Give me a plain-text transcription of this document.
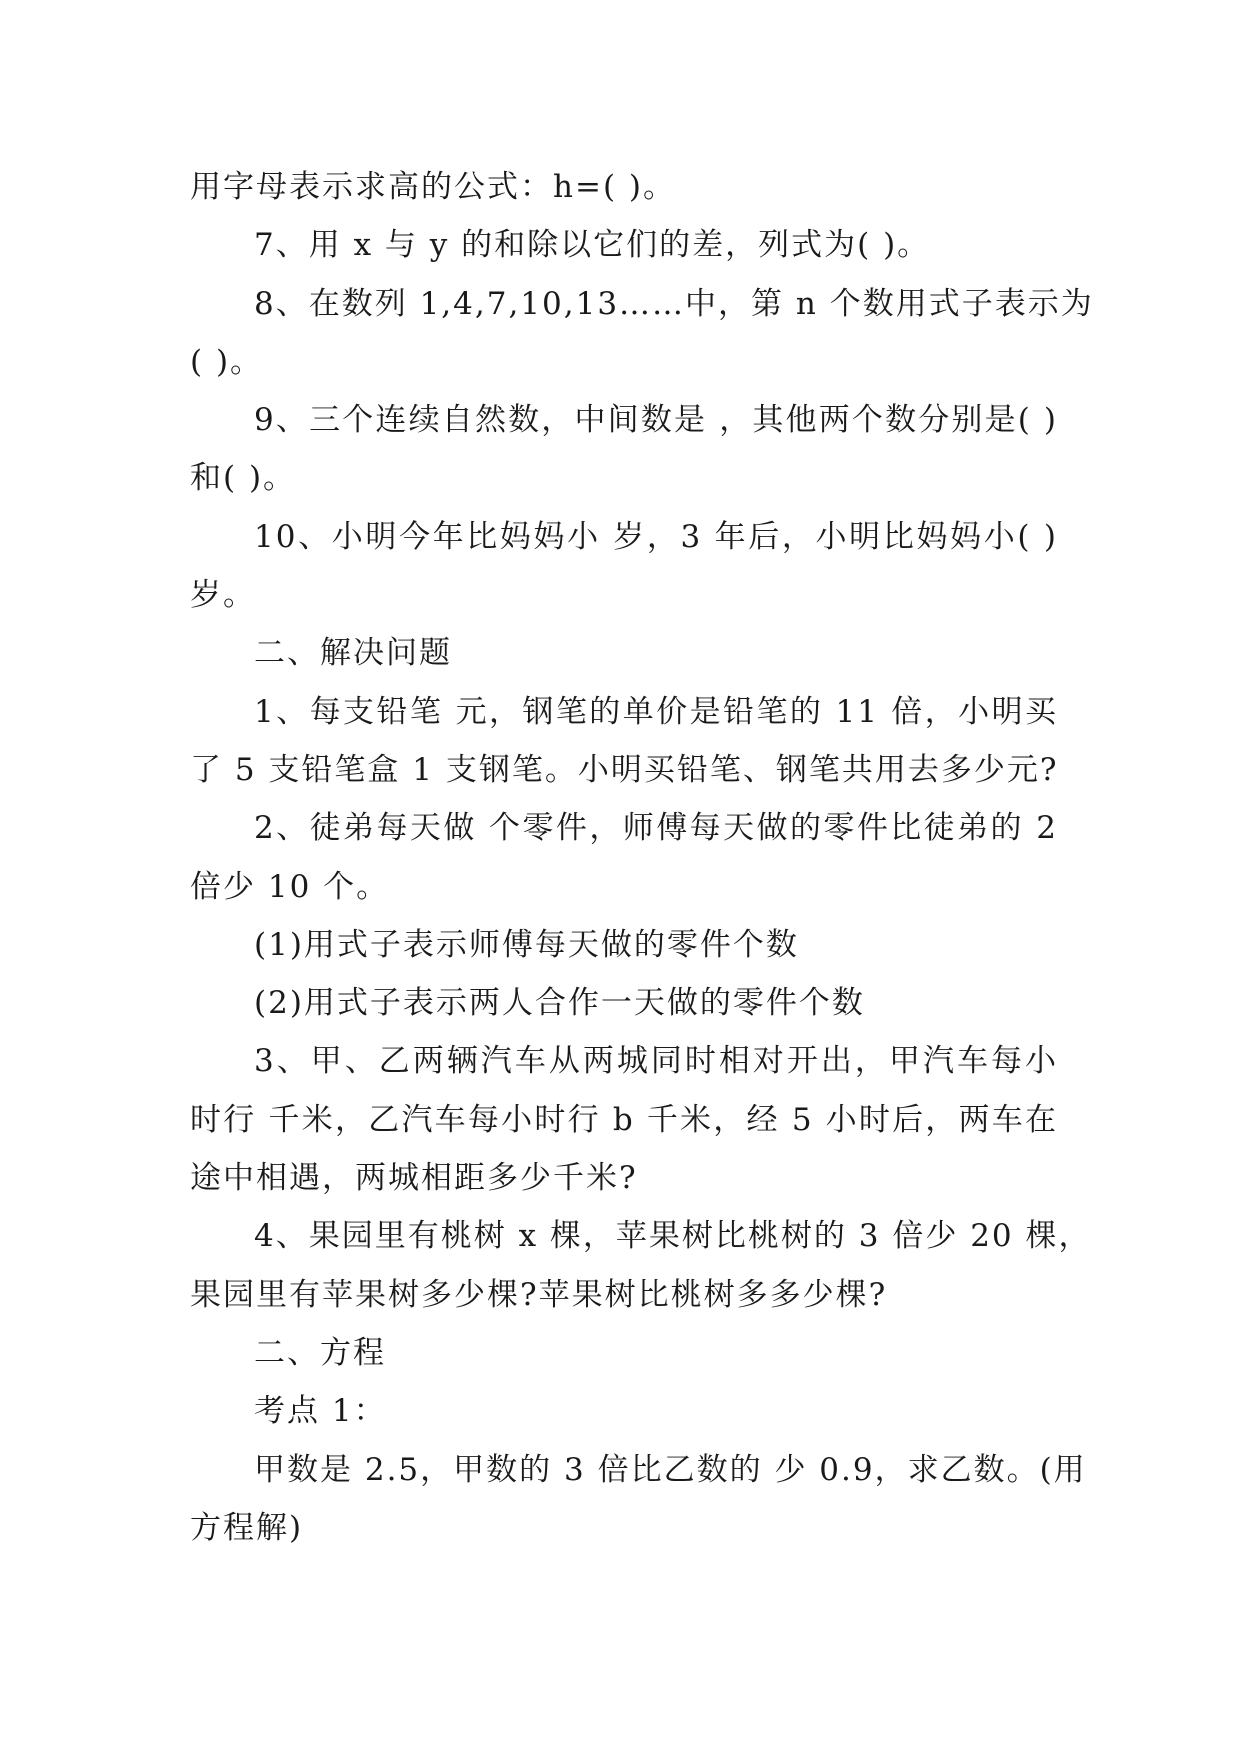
用字母表示求高的公式：h=( )。

7、用 x 与 y 的和除以它们的差，列式为( )。

8、在数列 1,4,7,10,13……中，第 n 个数用式子表示为

( )。

9、三个连续自然数，中间数是 ，其他两个数分别是( )

和( )。

10、小明今年比妈妈小 岁，3 年后，小明比妈妈小( )

岁。

二、解决问题

1、每支铅笔 元，钢笔的单价是铅笔的 11 倍，小明买

了 5 支铅笔盒 1 支钢笔。小明买铅笔、钢笔共用去多少元?

2、徒弟每天做 个零件，师傅每天做的零件比徒弟的 2

倍少 10 个。

(1)用式子表示师傅每天做的零件个数

(2)用式子表示两人合作一天做的零件个数

3、甲、乙两辆汽车从两城同时相对开出，甲汽车每小

时行 千米，乙汽车每小时行 b 千米，经 5 小时后，两车在

途中相遇，两城相距多少千米?

4、果园里有桃树 x 棵，苹果树比桃树的 3 倍少 20 棵，

果园里有苹果树多少棵?苹果树比桃树多多少棵?

二、方程

考点 1：

甲数是 2.5，甲数的 3 倍比乙数的 少 0.9，求乙数。(用

方程解)
